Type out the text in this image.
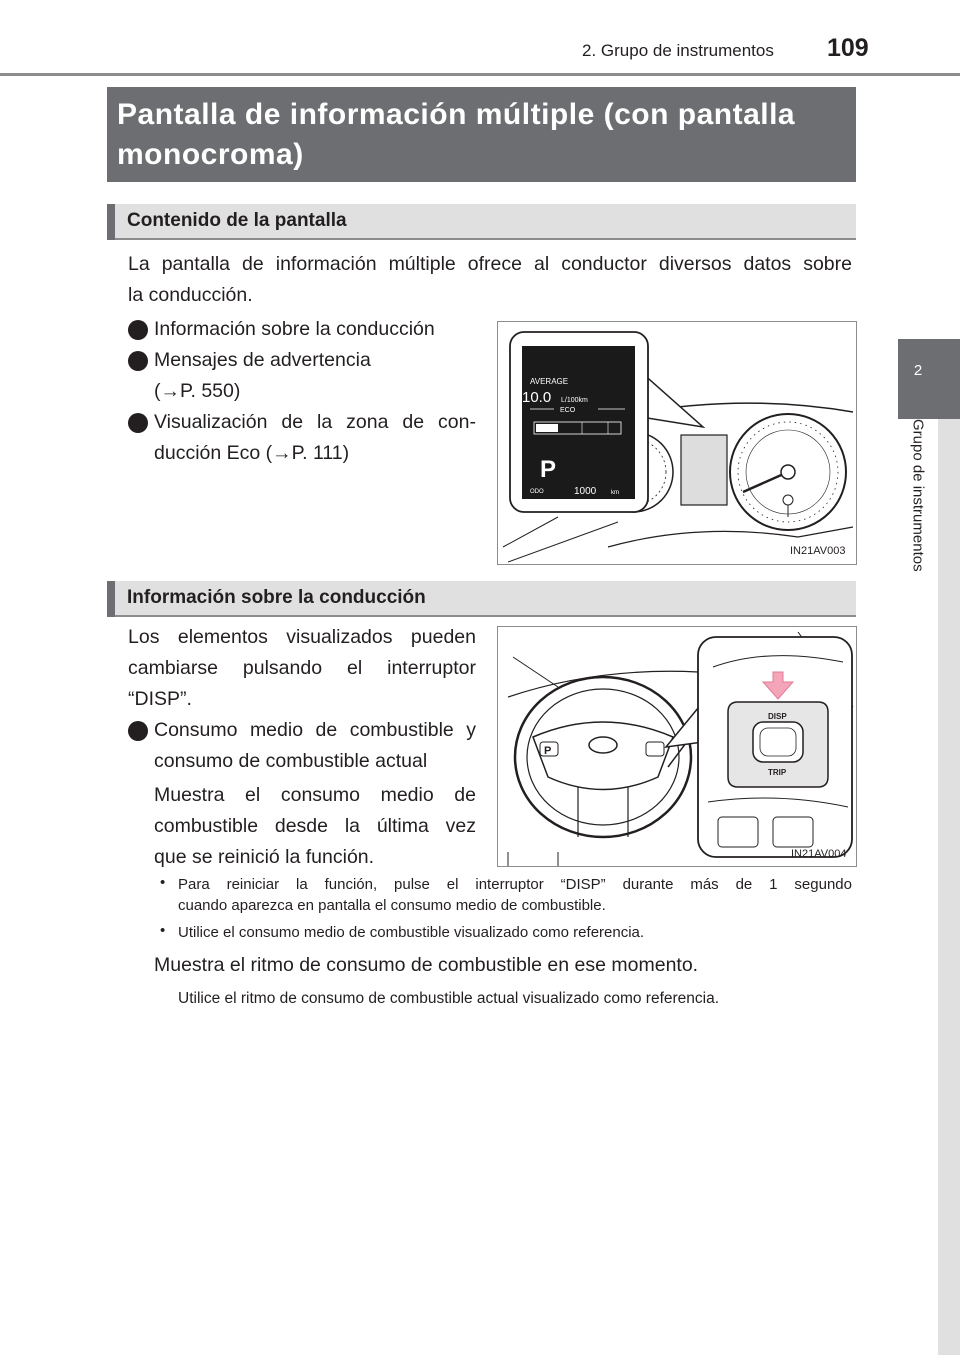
2. Grupo de instrumentos 109
2
Grupo de instrumentos
Pantalla de información múltiple (con pantalla
monocroma)
Contenido de la pantalla
La pantalla de información múltiple ofrece al conductor diversos datos sobre
la conducción.
Información sobre la conducción
Mensajes de advertencia
(→P. 550)
Visualización de la zona de con-
ducción Eco (→P. 111)
AVERAGE
10.0 L/100km
ECO
P
ODO	1000 km
IN21AV003
Información sobre la conducción
Los elementos visualizados pueden
cambiarse pulsando el interruptor
“DISP”.
Consumo medio de combustible y
consumo de combustible actual
Muestra el consumo medio de
combustible desde la última vez
que se reinició la función.
• Para reiniciar la función, pulse el interruptor “DISP” durante más de 1 segundo
cuando aparezca en pantalla el consumo medio de combustible.
• Utilice el consumo medio de combustible visualizado como referencia.
Muestra el ritmo de consumo de combustible en ese momento.
Utilice el ritmo de consumo de combustible actual visualizado como referencia.
P
DISP
TRIP
IN21AV004
